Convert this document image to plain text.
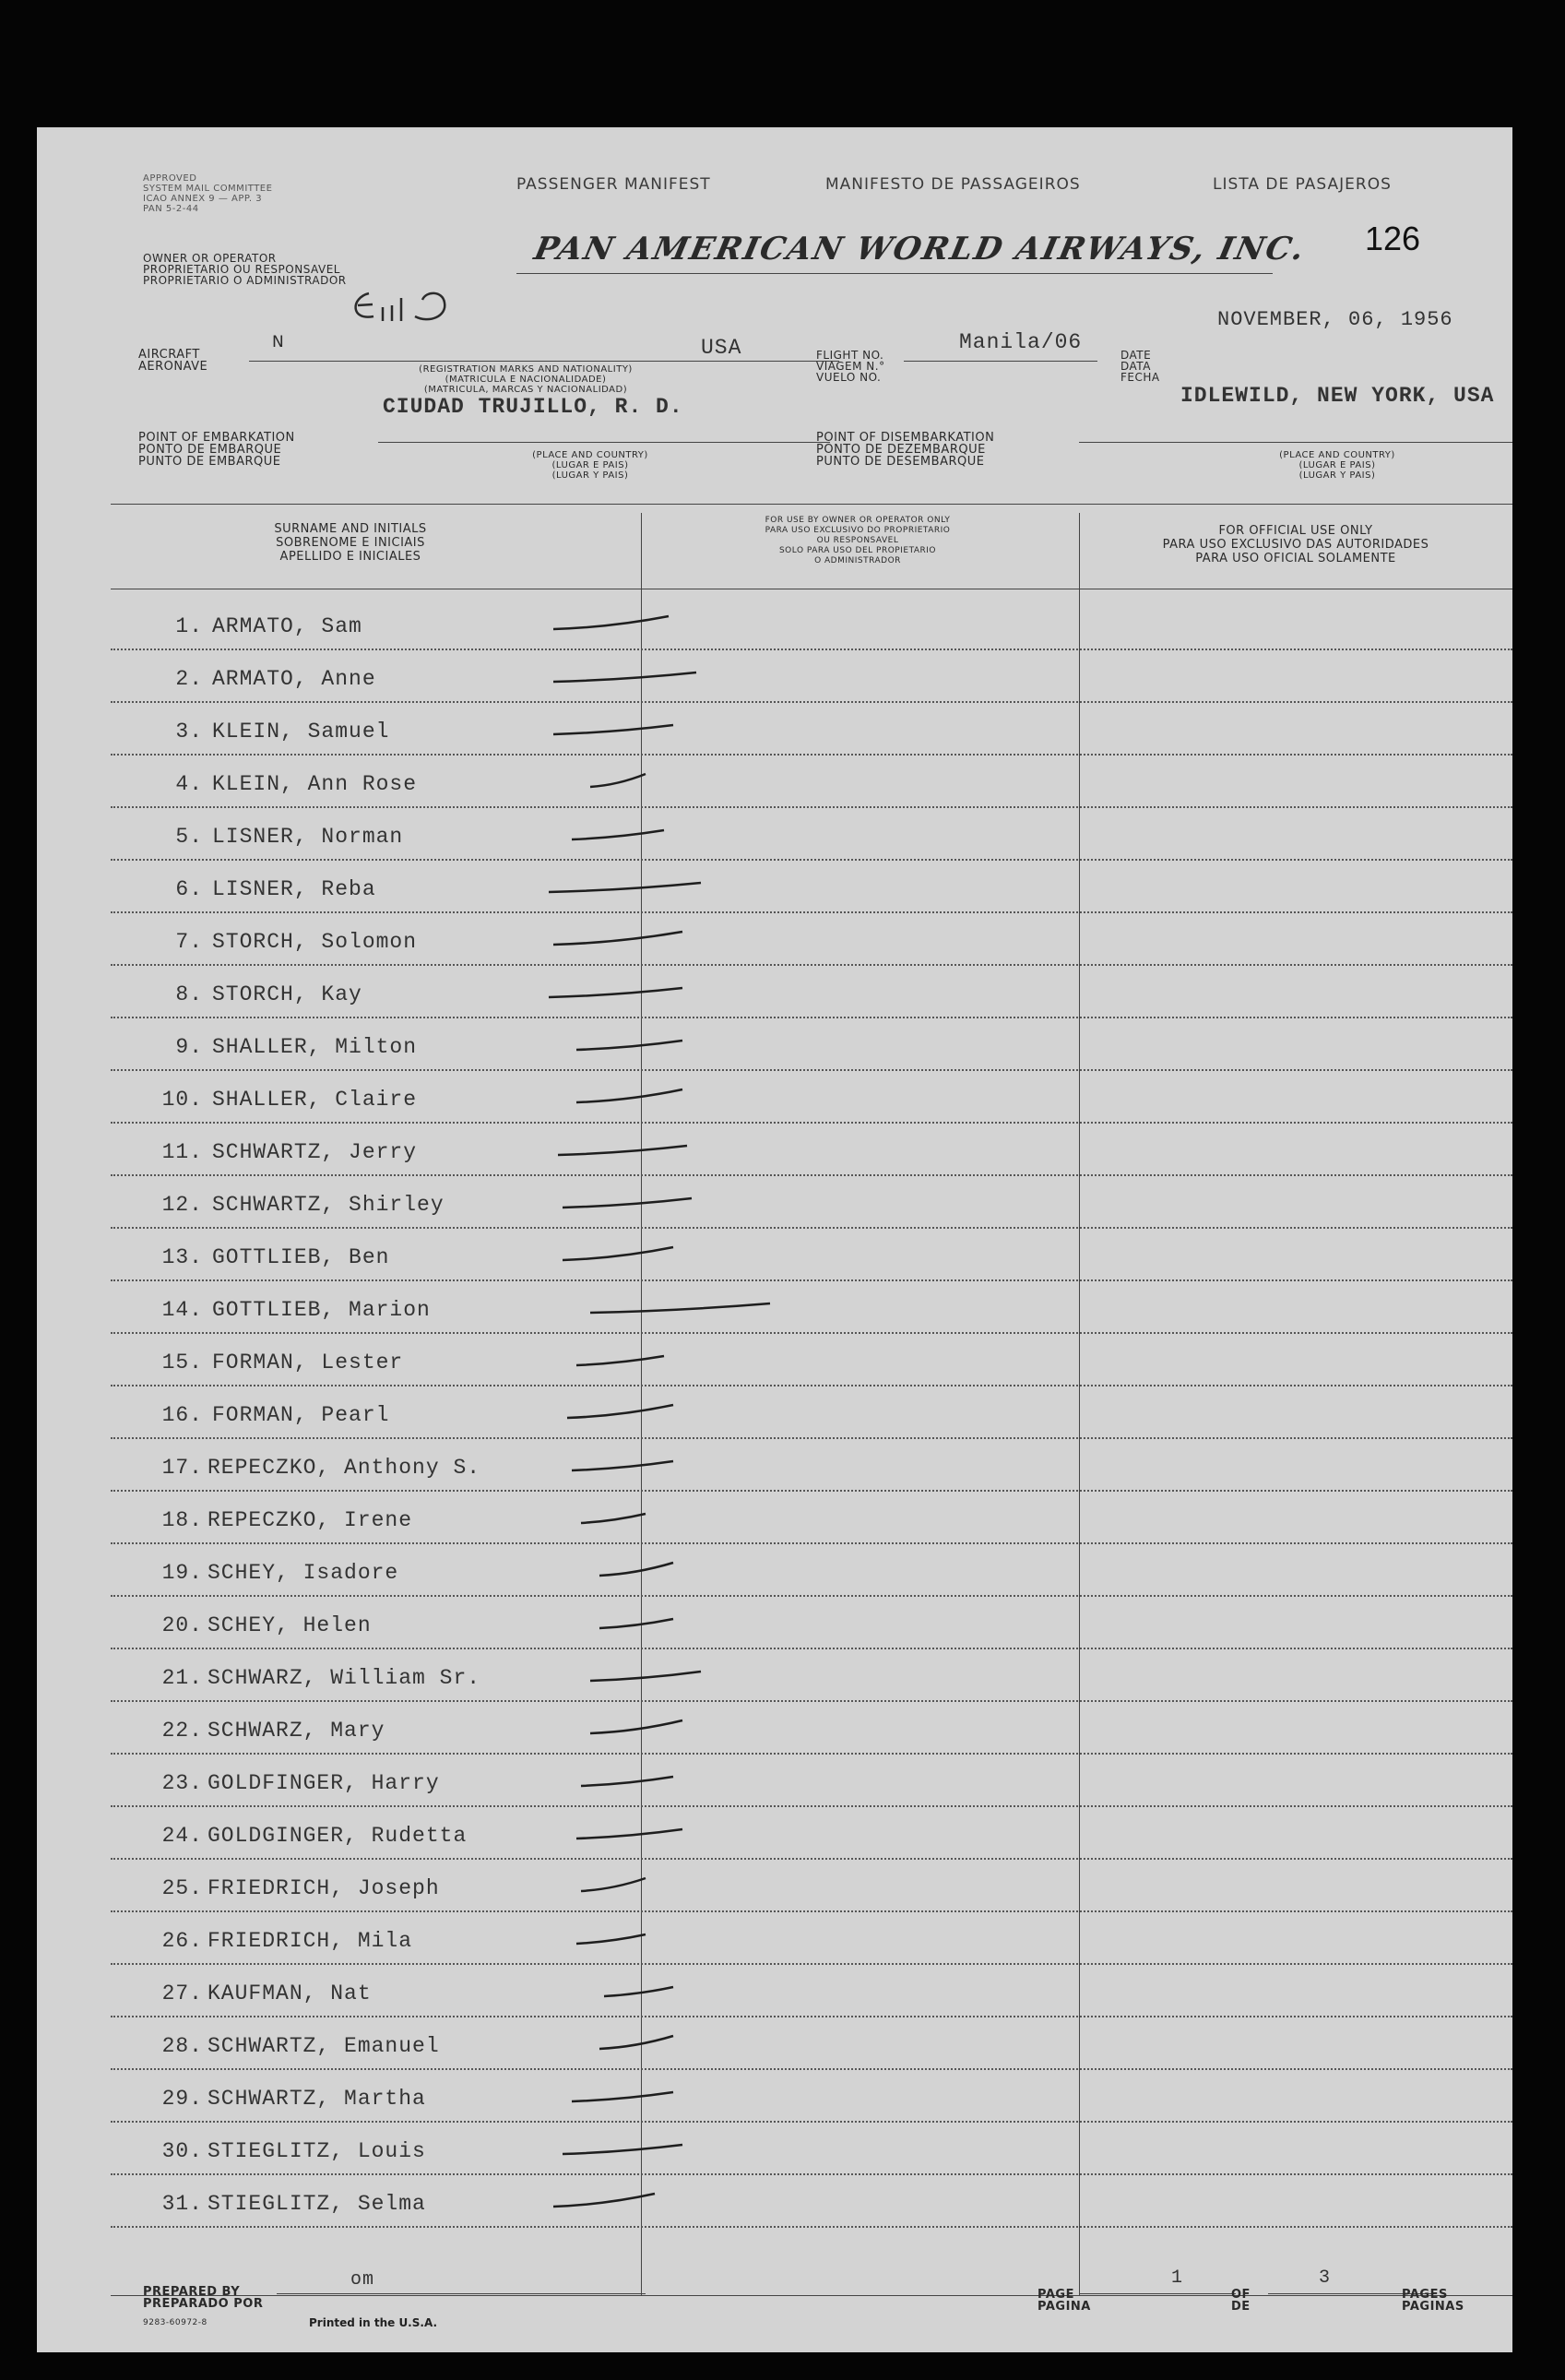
APPROVED
SYSTEM MAIL COMMITTEE
ICAO ANNEX 9 — APP. 3
PAN 5-2-44
PASSENGER MANIFEST	MANIFESTO DE PASSAGEIROS	LISTA DE PASAJEROS
126
OWNER OR OPERATOR
PROPRIETARIO OU RESPONSAVEL
PROPRIETARIO O ADMINISTRADOR
PAN AMERICAN WORLD AIRWAYS, INC.
AIRCRAFT
AERONAVE
N	USA
(REGISTRATION MARKS AND NATIONALITY)
(MATRICULA E NACIONALIDADE)
(MATRICULA, MARCAS Y NACIONALIDAD)
FLIGHT NO.
VIAGEM N.°
VUELO NO.
Manila/06
DATE
DATA
FECHA
NOVEMBER, 06, 1956
CIUDAD TRUJILLO, R. D.	IDLEWILD, NEW YORK, USA
POINT OF EMBARKATION
PONTO DE EMBARQUE
PUNTO DE EMBARQUE	(PLACE AND COUNTRY)
(LUGAR E PAIS)
(LUGAR Y PAIS)
POINT OF DISEMBARKATION
PONTO DE DEZEMBARQUE
PUNTO DE DESEMBARQUE	(PLACE AND COUNTRY)
(LUGAR E PAIS)
(LUGAR Y PAIS)
SURNAME AND INITIALS
SOBRENOME E INICIAIS
APELLIDO E INICIALES
FOR USE BY OWNER OR OPERATOR ONLY
PARA USO EXCLUSIVO DO PROPRIETARIO
OU RESPONSAVEL
SOLO PARA USO DEL PROPIETARIO
O ADMINISTRADOR
FOR OFFICIAL USE ONLY
PARA USO EXCLUSIVO DAS AUTORIDADES
PARA USO OFICIAL SOLAMENTE
1. ARMATO, Sam
2. ARMATO, Anne
3. KLEIN, Samuel
4. KLEIN, Ann Rose
5. LISNER, Norman
6. LISNER, Reba
7. STORCH, Solomon
8. STORCH, Kay
9. SHALLER, Milton
10. SHALLER, Claire
11. SCHWARTZ, Jerry
12. SCHWARTZ, Shirley
13. GOTTLIEB, Ben
14. GOTTLIEB, Marion
15. FORMAN, Lester
16. FORMAN, Pearl
17. REPECZKO, Anthony S.
18. REPECZKO, Irene
19. SCHEY, Isadore
20. SCHEY, Helen
21. SCHWARZ, William Sr.
22. SCHWARZ, Mary
23. GOLDFINGER, Harry
24. GOLDGINGER, Rudetta
25. FRIEDRICH, Joseph
26. FRIEDRICH, Mila
27. KAUFMAN, Nat
28. SCHWARTZ, Emanuel
29. SCHWARTZ, Martha
30. STIEGLITZ, Louis
31. STIEGLITZ, Selma
PREPARED BY
PREPARADO POR
om
9283-60972-8	Printed in the U.S.A.
PAGE
PAGINA
1
OF
DE
3
PAGES
PAGINAS
